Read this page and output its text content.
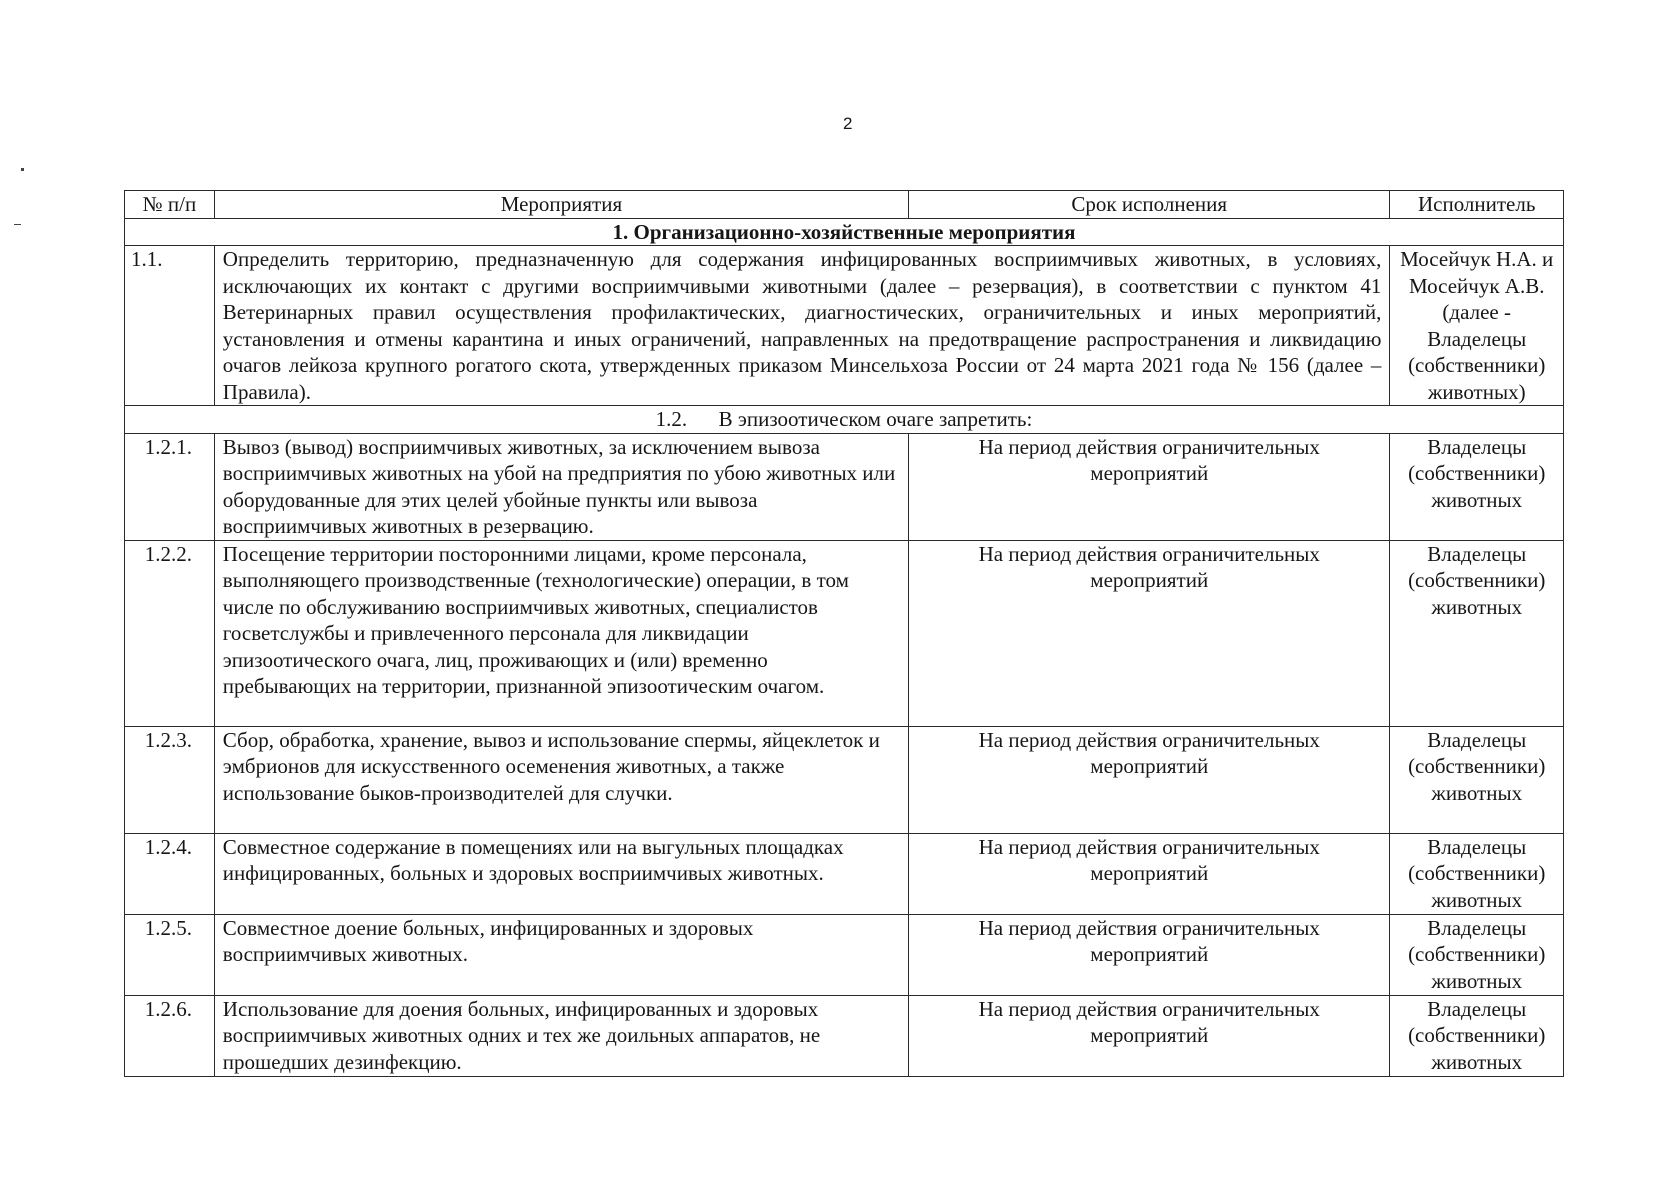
2
№ п/п	Мероприятия	Срок исполнения	Исполнитель
1. Организационно-хозяйственные мероприятия			
1.1.	Определить территорию, предназначенную для содержания инфицированных восприимчивых животных, в условиях, исключающих их контакт с другими восприимчивыми животными (далее – резервация), в соответствии с пунктом 41 Ветеринарных правил осуществления профилактических, диагностических, ограничительных и иных мероприятий, установления и отмены карантина и иных ограничений, направленных на предотвращение распространения и ликвидацию очагов лейкоза крупного рогатого скота, утвержденных приказом Минсельхоза России от 24 марта 2021 года № 156 (далее – Правила).		Мосейчук Н.А. и Мосейчук А.В. (далее - Владелецы (собственники) животных)
1.2.      В эпизоотическом очаге запретить:			
1.2.1.	Вывоз (вывод) восприимчивых животных, за исключением вывоза восприимчивых животных на убой на предприятия по убою животных или оборудованные для этих целей убойные пункты или вывоза восприимчивых животных в резервацию.	На период действия ограничительных мероприятий	Владелецы (собственники) животных
1.2.2.	Посещение территории посторонними лицами, кроме персонала, выполняющего производственные (технологические) операции, в том числе по обслуживанию восприимчивых животных, специалистов госветслужбы и привлеченного персонала для ликвидации эпизоотического очага, лиц, проживающих и (или) временно пребывающих на территории, признанной эпизоотическим очагом.	На период действия ограничительных мероприятий	Владелецы (собственники) животных
1.2.3.	Сбор, обработка, хранение, вывоз и использование спермы, яйцеклеток и эмбрионов для искусственного осеменения животных, а также использование быков-производителей для случки.	На период действия ограничительных мероприятий	Владелецы (собственники) животных
1.2.4.	Совместное содержание в помещениях или на выгульных площадках инфицированных, больных и здоровых восприимчивых животных.	На период действия ограничительных мероприятий	Владелецы (собственники) животных
1.2.5.	Совместное доение больных, инфицированных и здоровых восприимчивых животных.	На период действия ограничительных мероприятий	Владелецы (собственники) животных
1.2.6.	Использование для доения больных, инфицированных и здоровых восприимчивых животных одних и тех же доильных аппаратов, не прошедших дезинфекцию.	На период действия ограничительных мероприятий	Владелецы (собственники) животных
